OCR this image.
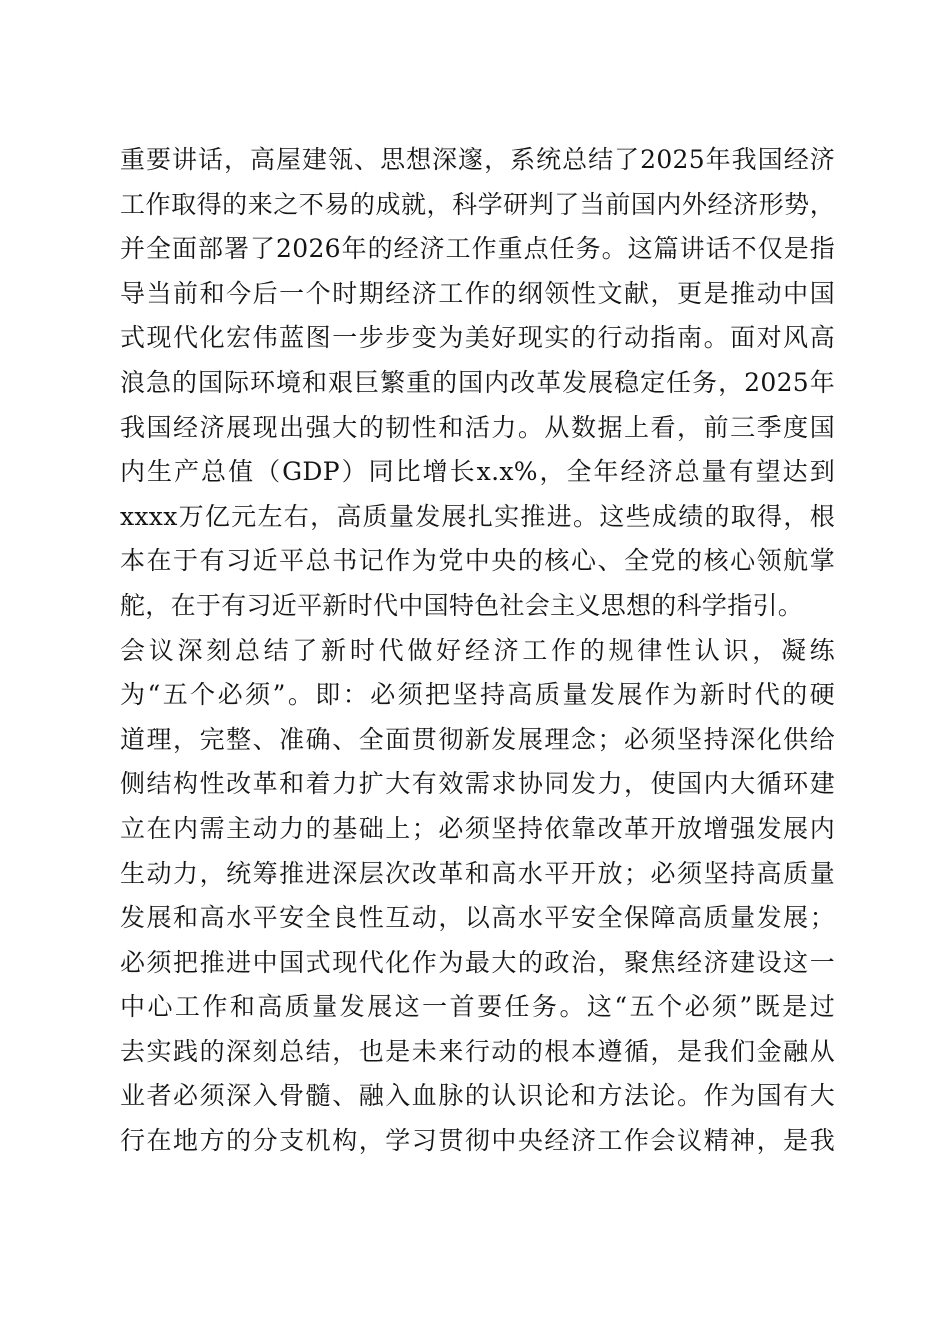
重要讲话，高屋建瓴、思想深邃，系统总结了2025年我国经济
工作取得的来之不易的成就，科学研判了当前国内外经济形势，
并全面部署了2026年的经济工作重点任务。这篇讲话不仅是指
导当前和今后一个时期经济工作的纲领性文献，更是推动中国
式现代化宏伟蓝图一步步变为美好现实的行动指南。面对风高
浪急的国际环境和艰巨繁重的国内改革发展稳定任务，2025年
我国经济展现出强大的韧性和活力。从数据上看，前三季度国
内生产总值（GDP）同比增长x.x%，全年经济总量有望达到
xxxx万亿元左右，高质量发展扎实推进。这些成绩的取得，根
本在于有习近平总书记作为党中央的核心、全党的核心领航掌
舵，在于有习近平新时代中国特色社会主义思想的科学指引。
会议深刻总结了新时代做好经济工作的规律性认识，凝练
为“五个必须”。即：必须把坚持高质量发展作为新时代的硬
道理，完整、准确、全面贯彻新发展理念；必须坚持深化供给
侧结构性改革和着力扩大有效需求协同发力，使国内大循环建
立在内需主动力的基础上；必须坚持依靠改革开放增强发展内
生动力，统筹推进深层次改革和高水平开放；必须坚持高质量
发展和高水平安全良性互动，以高水平安全保障高质量发展；
必须把推进中国式现代化作为最大的政治，聚焦经济建设这一
中心工作和高质量发展这一首要任务。这“五个必须”既是过
去实践的深刻总结，也是未来行动的根本遵循，是我们金融从
业者必须深入骨髓、融入血脉的认识论和方法论。作为国有大
行在地方的分支机构，学习贯彻中央经济工作会议精神，是我
